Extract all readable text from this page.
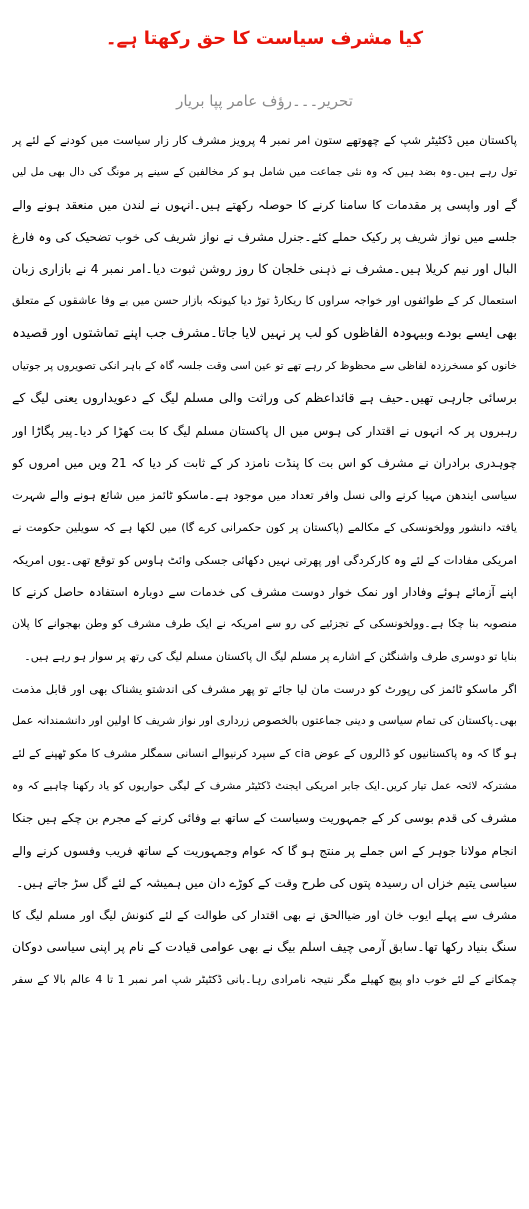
کیا مشرف سیاست کا حق رکھتا ہے۔
تحریر۔۔۔رؤف عامر پپا بریار
پاکستان میں ڈکٹیٹر شپ کے چھوتھے ستون امر نمبر 4 پرویز مشرف کار زار سیاست میں کودنے کے لئے پر
تول رہے ہیں۔وہ بضد ہیں کہ وہ نئی جماعت میں شامل ہو کر مخالفین کے سینے پر مونگ کی دال بھی مل لیں
گے اور واپسی پر مقدمات کا سامنا کرنے کا حوصلہ رکھتے ہیں۔انہوں نے لندن میں منعقد ہونے والے
جلسے میں نواز شریف پر رکیک حملے کئے۔جنرل مشرف نے نواز شریف کی خوب تضحیک کی وہ فارغ
البال اور نیم کریلا ہیں۔مشرف نے ذہنی خلجان کا روز روشن ثبوت دیا۔امر نمبر 4 نے بازاری زبان
استعمال کر کے طوائفوں اور خواجہ سراوں کا ریکارڈ توڑ دیا کیونکہ بازار حسن میں بے وفا عاشقوں کے متعلق
بھی ایسے بودے وبیہودہ الفاظوں کو لب پر نہیں لایا جاتا۔مشرف جب اپنے تماشتوں اور قصیدہ
خانوں کو مسخرزدہ لفاظی سے محظوظ کر رہے تھے تو عین اسی وقت جلسہ گاہ کے باہر انکی تصویروں پر جوتیاں
برسائی جارہی تھیں۔حیف ہے قائداعظم کی وراثت والی مسلم لیگ کے دعویداروں یعنی لیگ کے
رہبروں پر کہ انہوں نے اقتدار کی ہوس میں ال پاکستان مسلم لیگ کا بت کھڑا کر دیا۔پیر پگاڑا اور
چوہدری برادران نے مشرف کو اس بت کا پنڈت نامزد کر کے ثابت کر دیا کہ 21 ویں میں امروں کو
سیاسی ایندھن مہیا کرنے والی نسل وافر تعداد میں موجود ہے۔ماسکو ٹائمز میں شائع ہونے والے شہرت
یافتہ دانشور وولخونسکی کے مکالمے (پاکستان پر کون حکمرانی کرے گا) میں لکھا ہے کہ سویلین حکومت نے
امریکی مفادات کے لئے وہ کارکردگی اور پھرتی نہیں دکھائی جسکی وائٹ ہاوس کو توقع تھی۔یوں امریکہ
اپنے آزمائے ہوئے وفادار اور نمک خوار دوست مشرف کی خدمات سے دوبارہ استفادہ حاصل کرنے کا
منصوبہ بنا چکا ہے۔وولخونسکی کے تجزئیے کی رو سے امریکہ نے ایک طرف مشرف کو وطن بھجوانے کا پلان
بنایا تو دوسری طرف واشنگٹن کے اشارے پر مسلم لیگ ال پاکستان مسلم لیگ کی رتھ پر سوار ہو رہے ہیں۔
اگر ماسکو ٹائمز کی رپورٹ کو درست مان لیا جائے تو پھر مشرف کی اندشتو یشناک بھی اور قابل مذمت
بھی۔پاکستان کی تمام سیاسی و دینی جماعتوں بالخصوص زرداری اور نواز شریف کا اولین اور دانشمندانہ عمل
ہو گا کہ وہ پاکستانیوں کو ڈالروں کے عوض cia کے سپرد کرنیوالے انسانی سمگلر مشرف کا مکو ٹھپنے کے لئے
مشترکہ لائحہ عمل تیار کریں۔ایک جابر امریکی ایجنٹ ڈکٹیٹر مشرف کے لیگی حواریوں کو یاد رکھنا چاہیے کہ وہ
مشرف کی قدم بوسی کر کے جمہوریت وسیاست کے ساتھ بے وفائی کرنے کے مجرم بن چکے ہیں جنکا
انجام مولانا جوہر کے اس جملے پر منتج ہو گا کہ عوام وجمہوریت کے ساتھ فریب وفسوں کرنے والے
سیاسی یتیم خزاں اں رسیدہ پتوں کی طرح وقت کے کوڑے دان میں ہمیشہ کے لئے گل سڑ جاتے ہیں۔
مشرف سے پہلے ایوب خان اور ضیاالحق نے بھی اقتدار کی طوالت کے لئے کنونش لیگ اور مسلم لیگ کا
سنگ بنیاد رکھا تھا۔سابق آرمی چیف اسلم بیگ نے بھی عوامی قیادت کے نام پر اپنی سیاسی دوکان
چمکانے کے لئے خوب داو پیچ کھیلے مگر نتیجہ نامرادی رہا۔بانی ڈکٹیٹر شپ امر نمبر 1 تا 4 عالم بالا کے سفر
